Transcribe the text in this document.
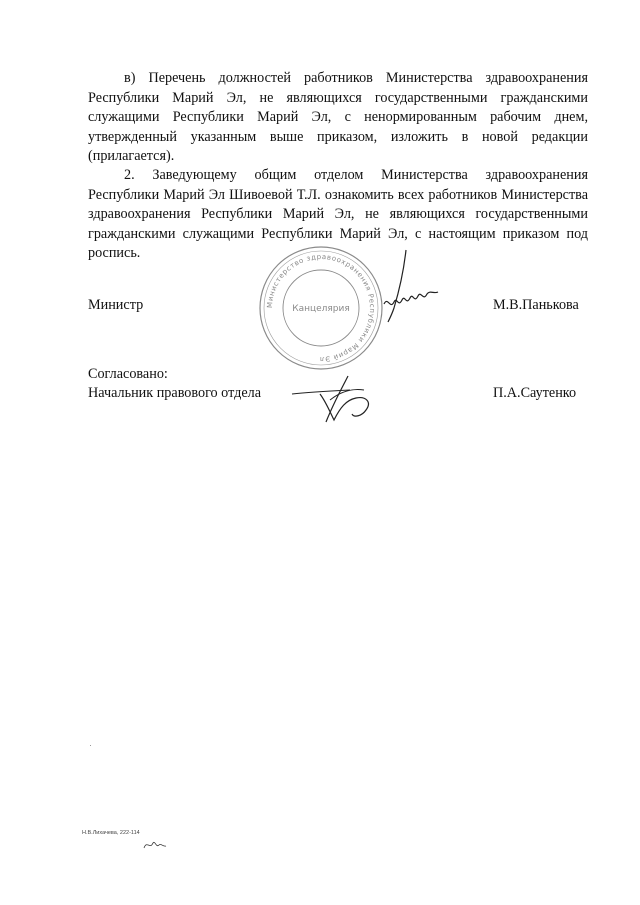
в) Перечень должностей работников Министерства здравоохранения Республики Марий Эл, не являющихся государственными гражданскими служащими Республики Марий Эл, с ненормированным рабочим днем, утвержденный указанным выше приказом, изложить в новой редакции (прилагается).

2. Заведующему общим отделом Министерства здравоохранения Республики Марий Эл Шивоевой Т.Л. ознакомить всех работников Министерства здравоохранения Республики Марий Эл, не являющихся государственными гражданскими служащими Республики Марий Эл, с настоящим приказом под роспись.

Министерство здравоохранения Республики Марий Эл
Канцелярия

Министр	М.В.Панькова

Согласовано:

Начальник правового отдела	П.А.Саутенко

Н.В.Лихачева, 222-114
